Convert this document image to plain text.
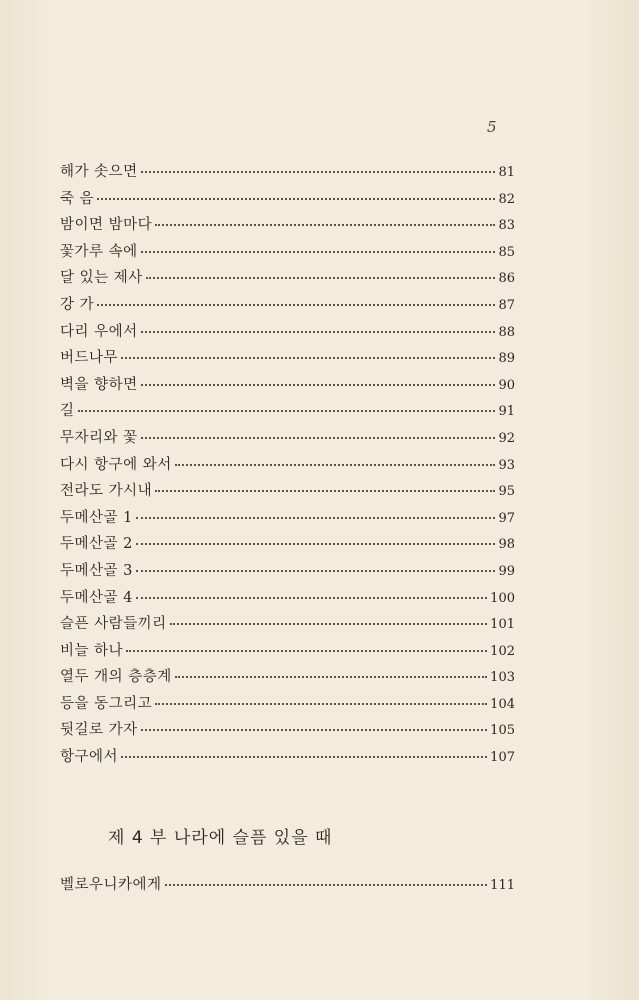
5
해가 솟으면	81
죽 음	82
밤이면 밤마다	83
꽃가루 속에	85
달 있는 제사	86
강 가	87
다리 우에서	88
버드나무	89
벽을 향하면	90
길	91
무자리와 꽃	92
다시 항구에 와서	93
전라도 가시내	95
두메산골 1	97
두메산골 2	98
두메산골 3	99
두메산골 4	100
슬픈 사람들끼리	101
비늘 하나	102
열두 개의 층층계	103
등을 동그리고	104
뒷길로 가자	105
항구에서	107
제 4 부 나라에 슬픔 있을 때
벨로우니카에게	111
